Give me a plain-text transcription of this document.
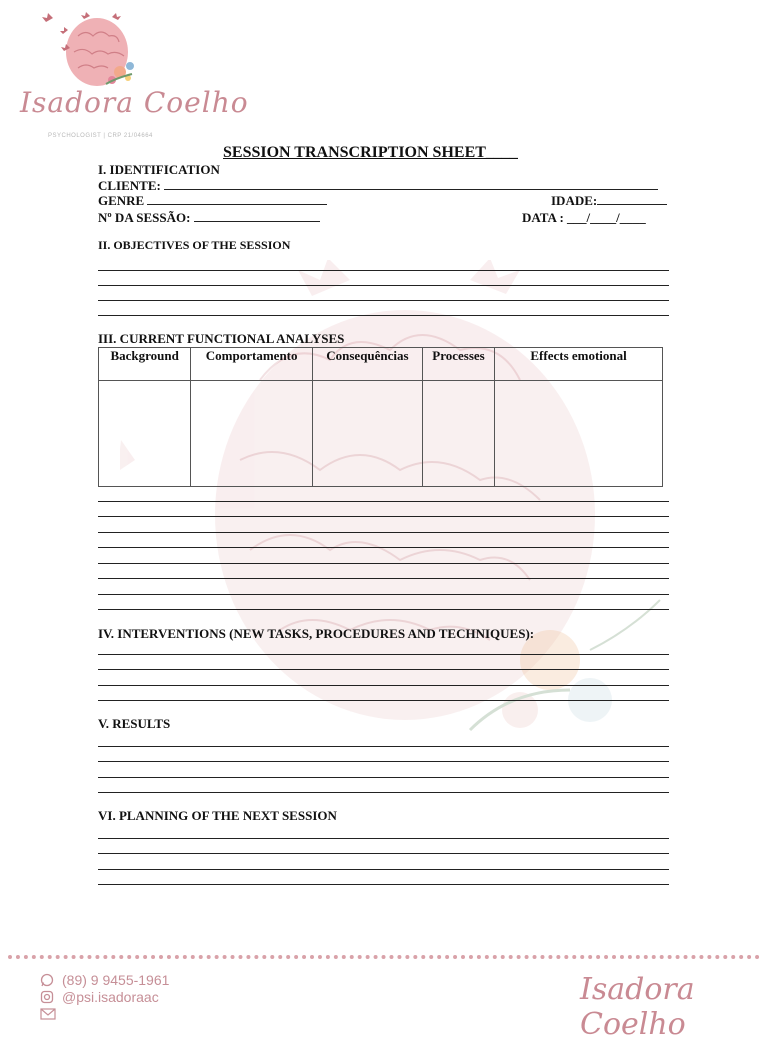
Isadora Coelho
PSYCHOLOGIST | CRP 21/04664
SESSION TRANSCRIPTION SHEET____
I. IDENTIFICATION
CLIENTE:
GENRE	IDADE:
Nº DA SESSÃO:	DATA : ___/____/____
II. OBJECTIVES OF THE SESSION
III. CURRENT FUNCTIONAL ANALYSES
Background	Comportamento	Consequências	Processes	Effects emotional

IV. INTERVENTIONS (NEW TASKS, PROCEDURES AND TECHNIQUES):
V. RESULTS
VI. PLANNING OF THE NEXT SESSION
(89) 9 9455-1961
@psi.isadoraac	Isadora Coelho
